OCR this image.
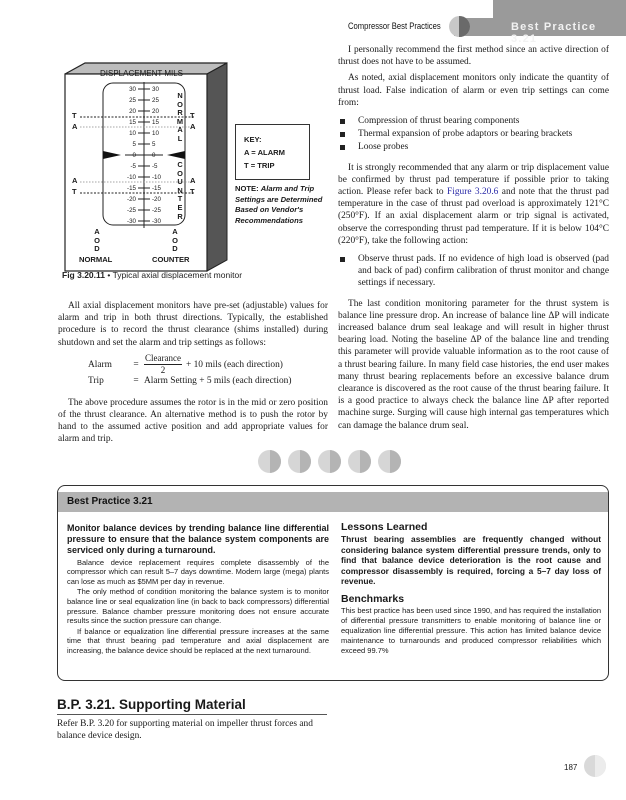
Compressor Best Practices	Best Practice 3.21
DISPLACEMENT MILS
30
25
20
15
10
5
0
-5
-10
-15
-20
-25
-30
30
25
20
15
10
5
0
-5
-10
-15
-20
-25
-30
N
O
R
M
A
L
C
O
U
N
T
E
R
T
A
T
A
A
T
A
T
A
O
D
A
O
D
NORMAL	COUNTER
KEY:
A = ALARM
T = TRIP
NOTE: Alarm and Trip Settings are Determined Based on Vendor's Recommendations
Fig 3.20.11 • Typical axial displacement monitor

I personally recommend the first method since an active direction of thrust does not have to be assumed.

As noted, axial displacement monitors only indicate the quantity of thrust load. False indication of alarm or even trip settings can come from:

Compression of thrust bearing components
Thermal expansion of probe adaptors or bearing brackets
Loose probes

It is strongly recommended that any alarm or trip displacement value be confirmed by thrust pad temperature if possible prior to taking action. Please refer back to Figure 3.20.6 and note that the thrust pad temperature in the case of thrust pad overload is approximately 121°C (250°F). If an axial displacement alarm or trip signal is activated, observe the corresponding thrust pad temperature. If it is below 104°C (220°F), take the following action:

Observe thrust pads. If no evidence of high load is observed (pad and back of pad) confirm calibration of thrust monitor and change settings if necessary.

The last condition monitoring parameter for the thrust system is balance line pressure drop. An increase of balance line ΔP will indicate increased balance drum seal leakage and will result in higher thrust bearing load. Noting the baseline ΔP of the balance line and trending this parameter will provide valuable information as to the root cause of a thrust bearing failure. In many field case histories, the end user makes many thrust bearing replacements before an excessive balance drum clearance is discovered as the root cause of the thrust bearing failure. It is a good practice to always check the balance line ΔP after reported machine surge. Surging will cause high internal gas temperatures which can damage the balance drum seal.

All axial displacement monitors have pre-set (adjustable) values for alarm and trip in both thrust directions. Typically, the established procedure is to record the thrust clearance (shims installed) during shutdown and set the alarm and trip settings as follows:

Alarm	= $\frac{\text{Clearance}}{2} + 10$ mils (each direction)
Trip	= Alarm Setting + 5 mils (each direction)

The above procedure assumes the rotor is in the mid or zero position of the thrust clearance. An alternative method is to push the rotor by hand to the assumed active position and add appropriate values for alarm and trip.

Best Practice 3.21
Monitor balance devices by trending balance line differential pressure to ensure that the balance system components are serviced only during a turnaround.

Balance device replacement requires complete disassembly of the compressor which can result 5–7 days downtime. Modern large (mega) plants can lose as much as $5MM per day in revenue.

The only method of condition monitoring the balance system is to monitor balance line or seal equalization line (in back to back compressors) differential pressure. Balance chamber pressure monitoring does not ensure accurate results since the suction pressure can change.

If balance or equalization line differential pressure increases at the same time that thrust bearing pad temperature and axial displacement are increasing, the balance device should be replaced at the next turnaround.

Lessons Learned
Thrust bearing assemblies are frequently changed without considering balance system differential pressure trends, only to find that balance device deterioration is the root cause and compressor disassembly is required, forcing a 5–7 day loss of revenue.
Benchmarks
This best practice has been used since 1990, and has required the installation of differential pressure transmitters to enable monitoring of balance line or equalization line differential pressure. This action has limited balance device maintenance to turnarounds and produced compressor reliabilities which exceed 99.7%
B.P. 3.21. Supporting Material
Refer B.P. 3.20 for supporting material on impeller thrust forces and balance device design.
187
